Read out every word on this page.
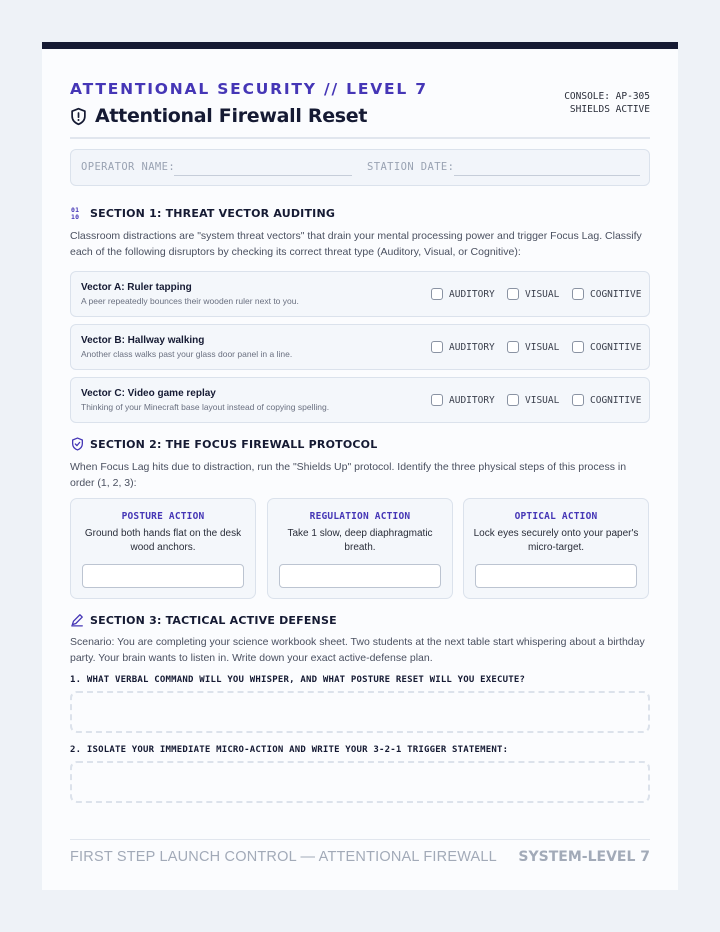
ATTENTIONAL SECURITY // LEVEL 7
Attentional Firewall Reset
CONSOLE: AP-305
SHIELDS ACTIVE
OPERATOR NAME:	STATION DATE:
01
10 SECTION 1: THREAT VECTOR AUDITING
Classroom distractions are "system threat vectors" that drain your mental processing power and trigger Focus Lag. Classify each of the following disruptors by checking its correct threat type (Auditory, Visual, or Cognitive):
Vector A: Ruler tapping
A peer repeatedly bounces their wooden ruler next to you.
AUDITORY	VISUAL	COGNITIVE
Vector B: Hallway walking
Another class walks past your glass door panel in a line.
AUDITORY	VISUAL	COGNITIVE
Vector C: Video game replay
Thinking of your Minecraft base layout instead of copying spelling.
AUDITORY	VISUAL	COGNITIVE
SECTION 2: THE FOCUS FIREWALL PROTOCOL
When Focus Lag hits due to distraction, run the "Shields Up" protocol. Identify the three physical steps of this process in order (1, 2, 3):
POSTURE ACTION
Ground both hands flat on the desk wood anchors.
REGULATION ACTION
Take 1 slow, deep diaphragmatic breath.
OPTICAL ACTION
Lock eyes securely onto your paper's micro-target.
SECTION 3: TACTICAL ACTIVE DEFENSE
Scenario: You are completing your science workbook sheet. Two students at the next table start whispering about a birthday party. Your brain wants to listen in. Write down your exact active-defense plan.
1. WHAT VERBAL COMMAND WILL YOU WHISPER, AND WHAT POSTURE RESET WILL YOU EXECUTE?
2. ISOLATE YOUR IMMEDIATE MICRO-ACTION AND WRITE YOUR 3-2-1 TRIGGER STATEMENT:
FIRST STEP LAUNCH CONTROL — ATTENTIONAL FIREWALL SYSTEM-LEVEL 7
